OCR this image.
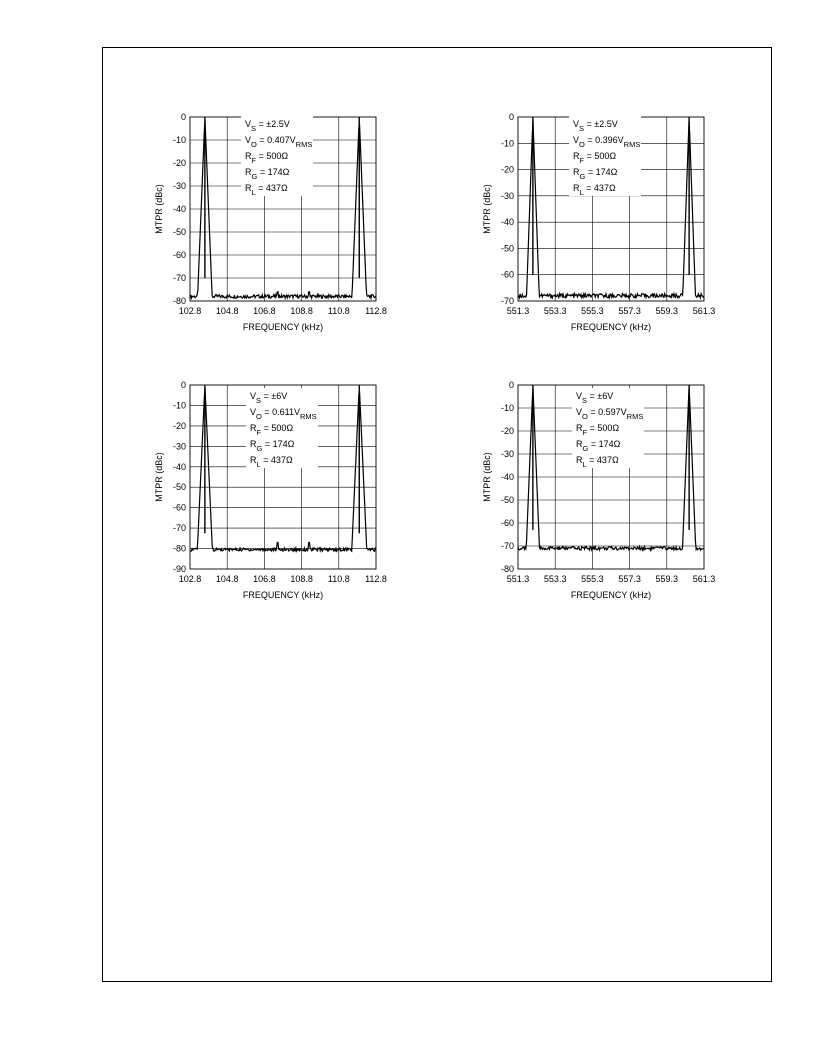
0
-10
-20
-30
-40
-50
-60
-70
-80
102.8 104.8 106.8 108.8 110.8 112.8
FREQUENCY (kHz)
MTPR (dBc)
$V_S = \pm 2.5V$
$V_O = 0.407V_{RMS}$
$R_F = 500\Omega$
$R_G = 174\Omega$
$R_L = 437\Omega$
0
-10
-20
-30
-40
-50
-60
-70
551.3 553.3 555.3 557.3 559.3 561.3
FREQUENCY (kHz)
MTPR (dBc)
$V_S = \pm 2.5V$
$V_O = 0.396V_{RMS}$
$R_F = 500\Omega$
$R_G = 174\Omega$
$R_L = 437\Omega$
0
-10
-20
-30
-40
-50
-60
-70
-80
-90
102.8 104.8 106.8 108.8 110.8 112.8
FREQUENCY (kHz)
MTPR (dBc)
$V_S = \pm 6V$
$V_O = 0.611V_{RMS}$
$R_F = 500\Omega$
$R_G = 174\Omega$
$R_L = 437\Omega$
0
-10
-20
-30
-40
-50
-60
-70
-80
551.3 553.3 555.3 557.3 559.3 561.3
FREQUENCY (kHz)
MTPR (dBc)
$V_S = \pm 6V$
$V_O = 0.597V_{RMS}$
$R_F = 500\Omega$
$R_G = 174\Omega$
$R_L = 437\Omega$
